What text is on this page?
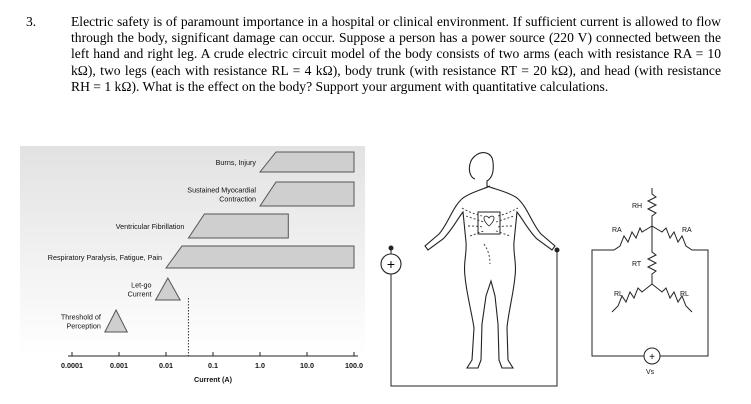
3.	Electric safety is of paramount importance in a hospital or clinical environment. If sufficient current is allowed to flow through the body, significant damage can occur. Suppose a person has a power source (220 V) connected between the left hand and right leg. A crude electric circuit model of the body consists of two arms (each with resistance RA = 10 kΩ), two legs (each with resistance RL = 4 kΩ), body trunk (with resistance RT = 20 kΩ), and head (with resistance RH = 1 kΩ). What is the effect on the body? Support your argument with quantitative calculations.
Threshold of
Perception
Let-go
Current
Respiratory Paralysis, Fatigue, Pain
Ventricular Fibrillation
Sustained Myocardial
Contraction
Burns, Injury
0.0001	0.001	0.01	0.1	1.0	10.0	100.0
Current (A)
+
+
RH
RA	RA
RT
RL	RL
Vs
